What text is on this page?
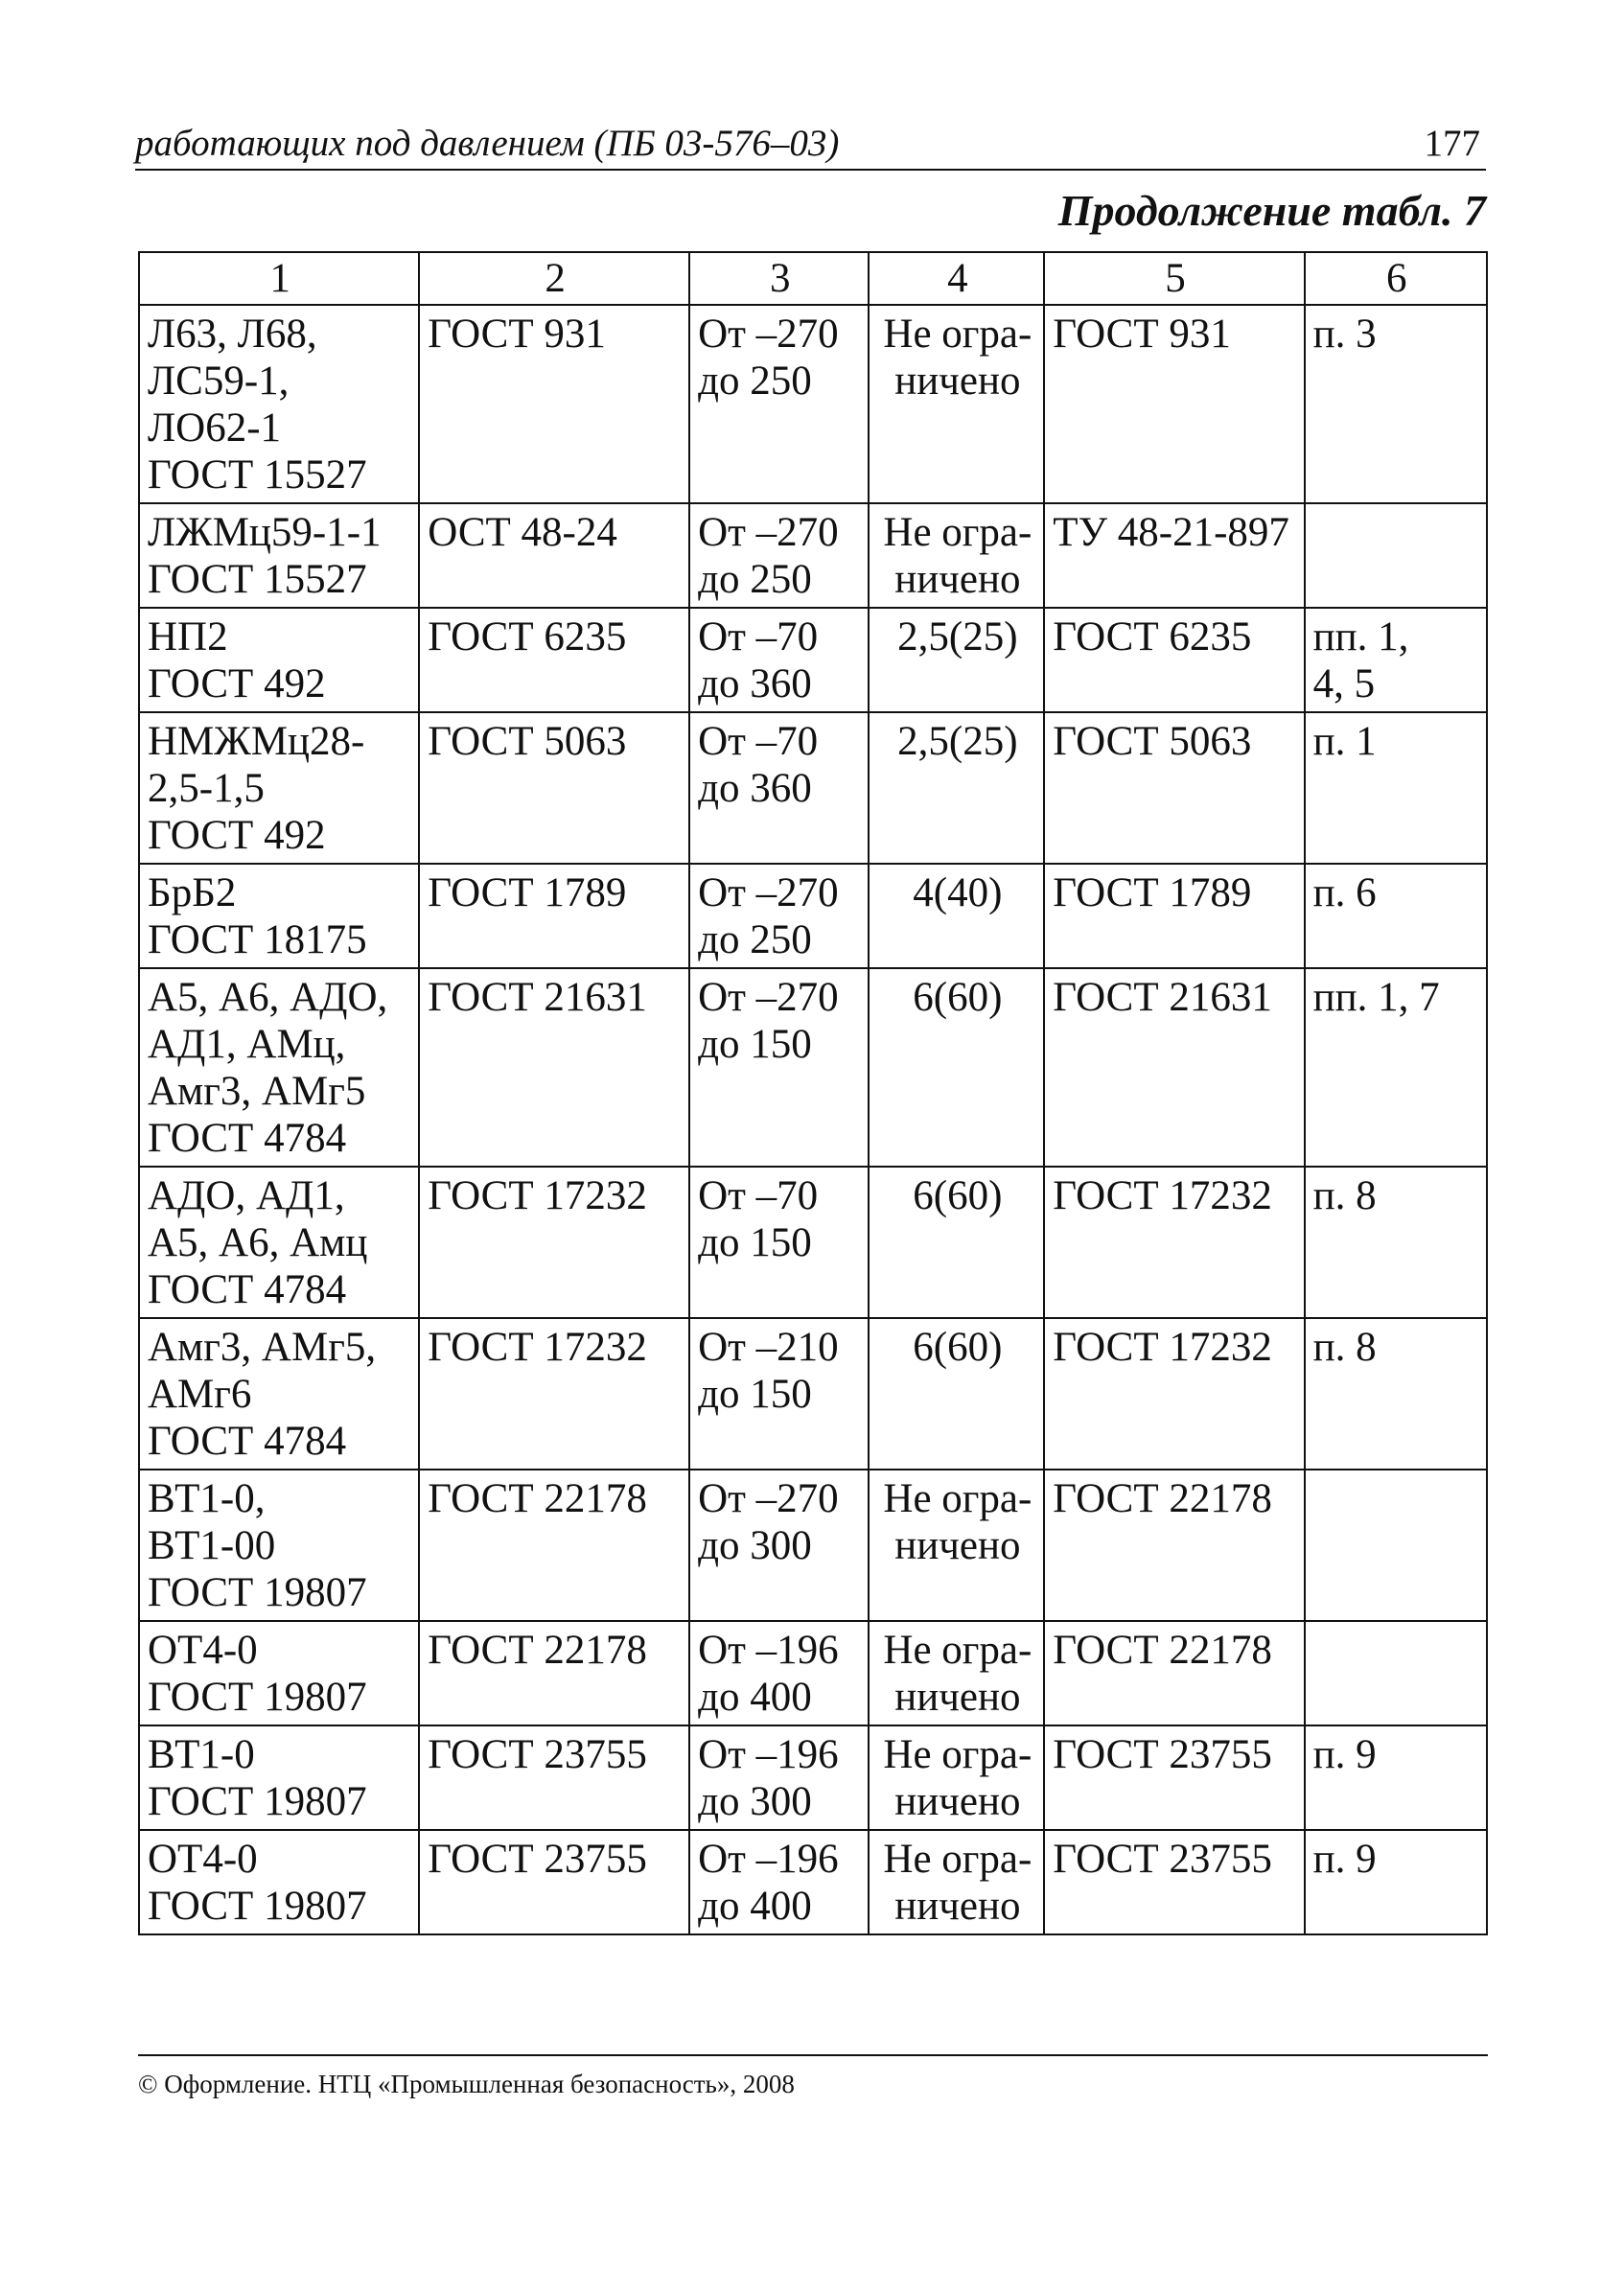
работающих под давлением (ПБ 03-576–03)	177
Продолжение табл. 7
1	2	3	4	5	6

Л63, Л68,
ЛС59-1,
ЛО62-1
ГОСТ 15527	ГОСТ 931	От –270
до 250	Не огра-
ничено	ГОСТ 931	п. 3

ЛЖМц59-1-1
ГОСТ 15527	ОСТ 48-24	От –270
до 250	Не огра-
ничено	ТУ 48-21-897	

НП2
ГОСТ 492	ГОСТ 6235	От –70
до 360	2,5(25)	ГОСТ 6235	пп. 1,
4, 5

НМЖМц28-
2,5-1,5
ГОСТ 492	ГОСТ 5063	От –70
до 360	2,5(25)	ГОСТ 5063	п. 1

БрБ2
ГОСТ 18175	ГОСТ 1789	От –270
до 250	4(40)	ГОСТ 1789	п. 6

А5, А6, АДО,
АД1, АМц,
Амг3, АМг5
ГОСТ 4784	ГОСТ 21631	От –270
до 150	6(60)	ГОСТ 21631	пп. 1, 7

АДО, АД1,
А5, А6, Амц
ГОСТ 4784	ГОСТ 17232	От –70
до 150	6(60)	ГОСТ 17232	п. 8

Амг3, АМг5,
АМг6
ГОСТ 4784	ГОСТ 17232	От –210
до 150	6(60)	ГОСТ 17232	п. 8

ВТ1-0,
ВТ1-00
ГОСТ 19807	ГОСТ 22178	От –270
до 300	Не огра-
ничено	ГОСТ 22178	

ОТ4-0
ГОСТ 19807	ГОСТ 22178	От –196
до 400	Не огра-
ничено	ГОСТ 22178	

ВТ1-0
ГОСТ 19807	ГОСТ 23755	От –196
до 300	Не огра-
ничено	ГОСТ 23755	п. 9

ОТ4-0
ГОСТ 19807	ГОСТ 23755	От –196
до 400	Не огра-
ничено	ГОСТ 23755	п. 9
© Оформление. НТЦ «Промышленная безопасность», 2008
